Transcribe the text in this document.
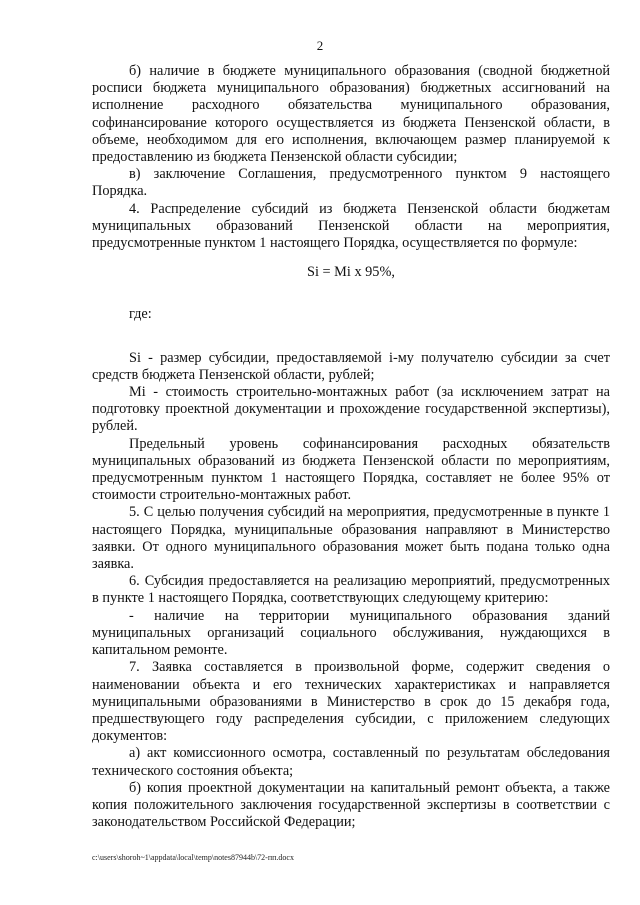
2

б) наличие в бюджете муниципального образования (сводной бюджетной росписи бюджета муниципального образования) бюджетных ассигнований на исполнение расходного обязательства муниципального образования, софинансирование которого осуществляется из бюджета Пензенской области, в объеме, необходимом для его исполнения, включающем размер планируемой к предоставлению из бюджета Пензенской области субсидии;

в) заключение Соглашения, предусмотренного пунктом 9 настоящего Порядка.

4. Распределение субсидий из бюджета Пензенской области бюджетам муниципальных образований Пензенской области на мероприятия, предусмотренные пунктом 1 настоящего Порядка, осуществляется по формуле:

Si = Mi x 95%,

где:

Si - размер субсидии, предоставляемой i-му получателю субсидии за счет средств бюджета Пензенской области, рублей;

Mi - стоимость строительно-монтажных работ (за исключением затрат на подготовку проектной документации и прохождение государственной экспертизы), рублей.

Предельный уровень софинансирования расходных обязательств муниципальных образований из бюджета Пензенской области по мероприятиям, предусмотренным пунктом 1 настоящего Порядка, составляет не более 95% от стоимости строительно-монтажных работ.

5. С целью получения субсидий на мероприятия, предусмотренные в пункте 1 настоящего Порядка, муниципальные образования направляют в Министерство заявки. От одного муниципального образования может быть подана только одна заявка.

6. Субсидия предоставляется на реализацию мероприятий, предусмотренных в пункте 1 настоящего Порядка, соответствующих следующему критерию:

- наличие на территории муниципального образования зданий муниципальных организаций социального обслуживания, нуждающихся в капитальном ремонте.

7. Заявка составляется в произвольной форме, содержит сведения о наименовании объекта и его технических характеристиках и направляется муниципальными образованиями в Министерство в срок до 15 декабря года, предшествующего году распределения субсидии, с приложением следующих документов:

а) акт комиссионного осмотра, составленный по результатам обследования технического состояния объекта;

б) копия проектной документации на капитальный ремонт объекта, а также копия положительного заключения государственной экспертизы в соответствии с законодательством Российской Федерации;

c:\users\shoroh~1\appdata\local\temp\notes87944b\72-пп.docx
